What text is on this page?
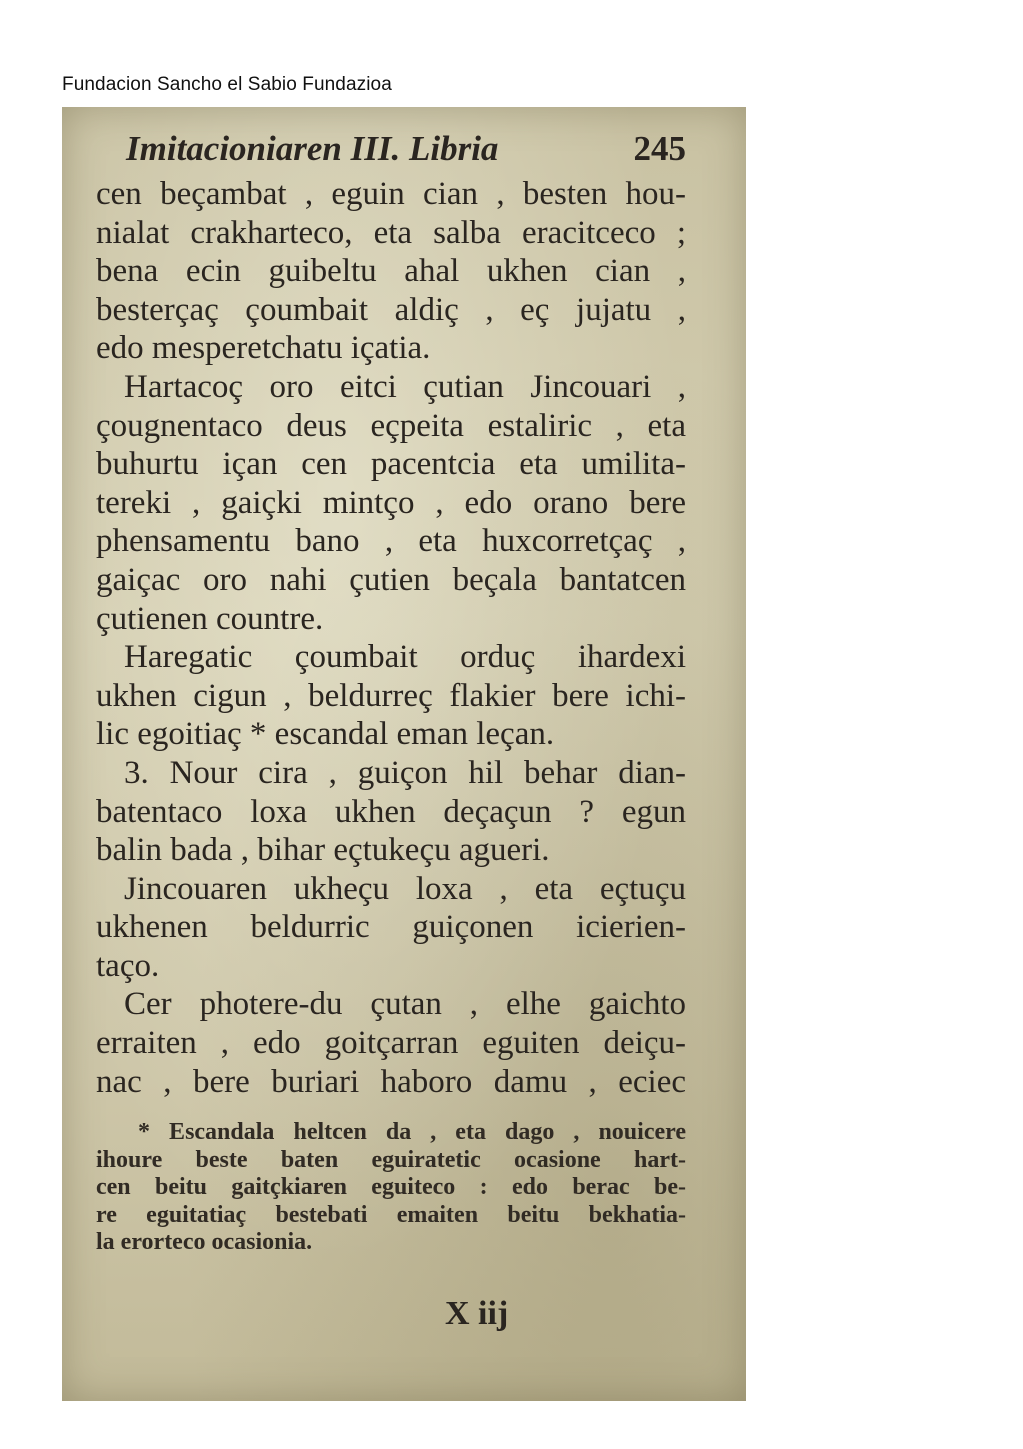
Fundacion Sancho el Sabio Fundazioa
Imitacioniaren III. Libria	245
cen beçambat , eguin cian , besten hou-
nialat crakharteco, eta salba eracitceco ;
bena ecin guibeltu ahal ukhen cian ,
besterçaç çoumbait aldiç , eç jujatu ,
edo mesperetchatu içatia.
Hartacoç oro eitci çutian Jincouari ,
çougnentaco deus eçpeita estaliric , eta
buhurtu içan cen pacentcia eta umilita-
tereki , gaiçki mintço , edo orano bere
phensamentu bano , eta huxcorretçaç ,
gaiçac oro nahi çutien beçala bantatcen
çutienen countre.
Haregatic çoumbait orduç ihardexi
ukhen cigun , beldurreç flakier bere ichi-
lic egoitiaç * escandal eman leçan.
3. Nour cira , guiçon hil behar dian-
batentaco loxa ukhen deçaçun ? egun
balin bada , bihar eçtukeçu agueri.
Jincouaren ukheçu loxa , eta eçtuçu
ukhenen beldurric guiçonen icierien-
taço.
Cer photere-du çutan , elhe gaichto
erraiten , edo goitçarran eguiten deiçu-
nac , bere buriari haboro damu , eciec
* Escandala heltcen da , eta dago , nouicere
ihoure beste baten eguiratetic ocasione hart-
cen beitu gaitçkiaren eguiteco : edo berac be-
re eguitatiaç bestebati emaiten beitu bekhatia-
la erorteco ocasionia.
X iij
